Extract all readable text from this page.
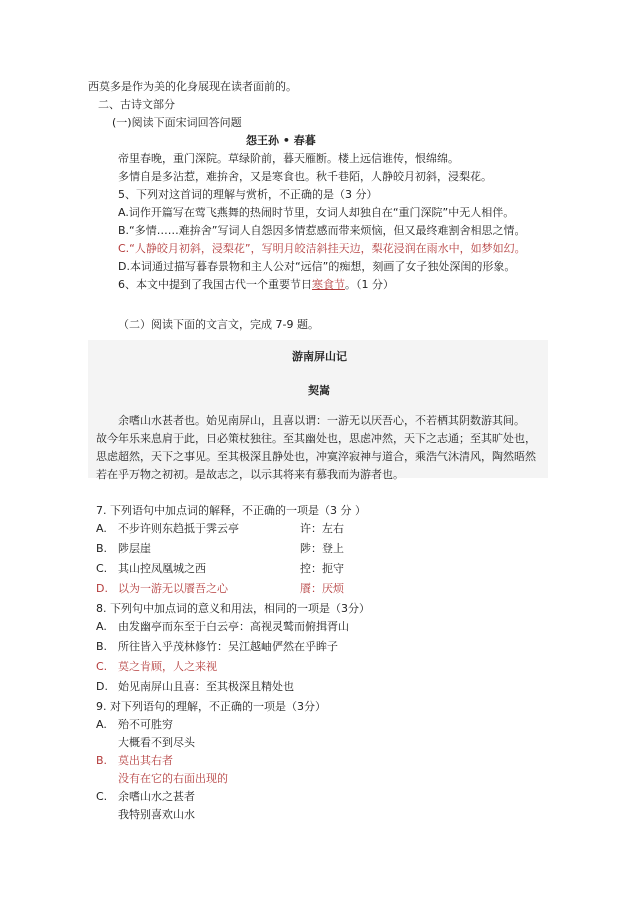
西莫多是作为美的化身展现在读者面前的。
二、古诗文部分
(一)阅读下面宋词回答问题
怨王孙 • 春暮
帝里春晚，重门深院。草绿阶前，暮天雁断。楼上远信谁传，恨绵绵。
多情自是多沾惹，难拚舍，又是寒食也。秋千巷陌，人静皎月初斜，浸梨花。
5、下列对这首词的理解与赏析，不正确的是（3 分）
A.词作开篇写在莺飞燕舞的热闹时节里，女词人却独自在“重门深院”中无人相伴。
B.“多情……难拚舍”写词人自怨因多情惹感而带来烦恼，但又最终难割舍相思之情。
C.“人静皎月初斜，浸梨花”，写明月皎洁斜挂天边，梨花浸润在雨水中，如梦如幻。
D.本词通过描写暮春景物和主人公对“远信”的痴想，刻画了女子独处深闺的形象。
6、本文中提到了我国古代一个重要节日寒食节。（1 分）
（二）阅读下面的文言文，完成 7-9 题。
游南屏山记
契嵩
余嗜山水甚者也。始见南屏山，且喜以谓：一游无以厌吾心，不若栖其阴数游其间。
故今年乐来息肩于此，日必策杖独往。至其幽处也，思虑冲然，天下之志通；至其旷处也，
思虑超然，天下之事见。至其极深且静处也，冲寞淬寂神与道合，乘浩气沐清风，陶然晤然
若在乎万物之初初。是故志之，以示其将来有慕我而为游者也。
7. 下列语句中加点词的解释，不正确的一项是（3 分 ）
A. 不步许则东趋抵于霁云亭	许：左右
B. 陟层崖	陟：登上
C. 其山控凤凰城之西	控：扼守
D. 以为一游无以餍吾之心	餍：厌烦
8. 下列句中加点词的意义和用法，相同的一项是（3分）
A. 由发幽亭而东至于白云亭：高视灵鹫而俯揖胥山
B. 所往皆入乎茂林修竹：吴江越岫俨然在乎眸子
C. 莫之肯顾，人之来视
D. 始见南屏山且喜：至其极深且精处也
9. 对下列语句的理解，不正确的一项是（3分）
A. 殆不可胜穷
大概看不到尽头
B. 莫出其右者
没有在它的右面出现的
C. 余嗜山水之甚者
我特别喜欢山水
